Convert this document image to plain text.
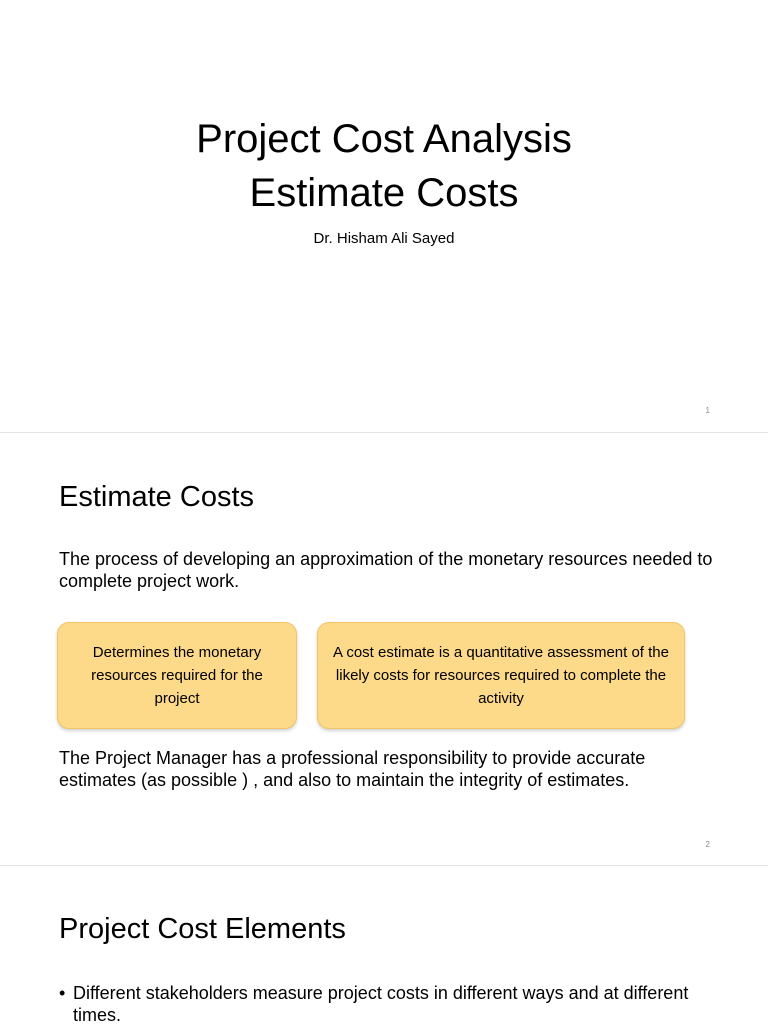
Project Cost Analysis
Estimate Costs
Dr. Hisham Ali Sayed
1
Estimate Costs

The process of developing an approximation of the monetary resources needed to complete project work.

Determines the monetary resources required for the project
A cost estimate is a quantitative assessment of the likely costs for resources required to complete the activity

The Project Manager has a professional responsibility to provide accurate estimates (as possible ) , and also to maintain the integrity of estimates.

2
Project Cost Elements
• Different stakeholders measure project costs in different ways and at different times.
